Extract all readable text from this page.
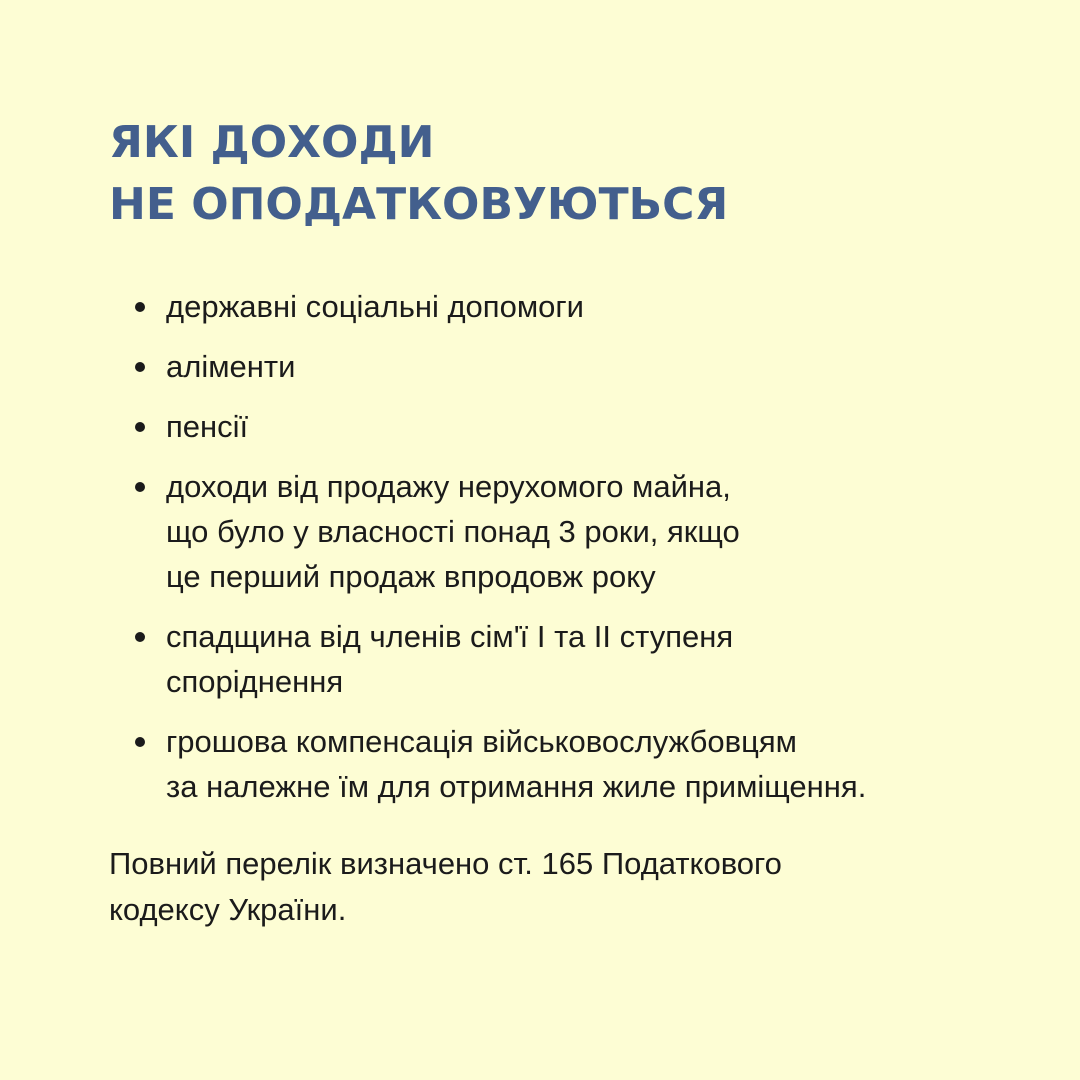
ЯКІ ДОХОДИ
НЕ ОПОДАТКОВУЮТЬСЯ
державні соціальні допомоги
аліменти
пенсії
доходи від продажу нерухомого майна,
що було у власності понад 3 роки, якщо
це перший продаж впродовж року
спадщина від членів сім'ї І та ІІ ступеня
споріднення
грошова компенсація військовослужбовцям
за належне їм для отримання жиле приміщення.

Повний перелік визначено ст. 165 Податкового
кодексу України.
